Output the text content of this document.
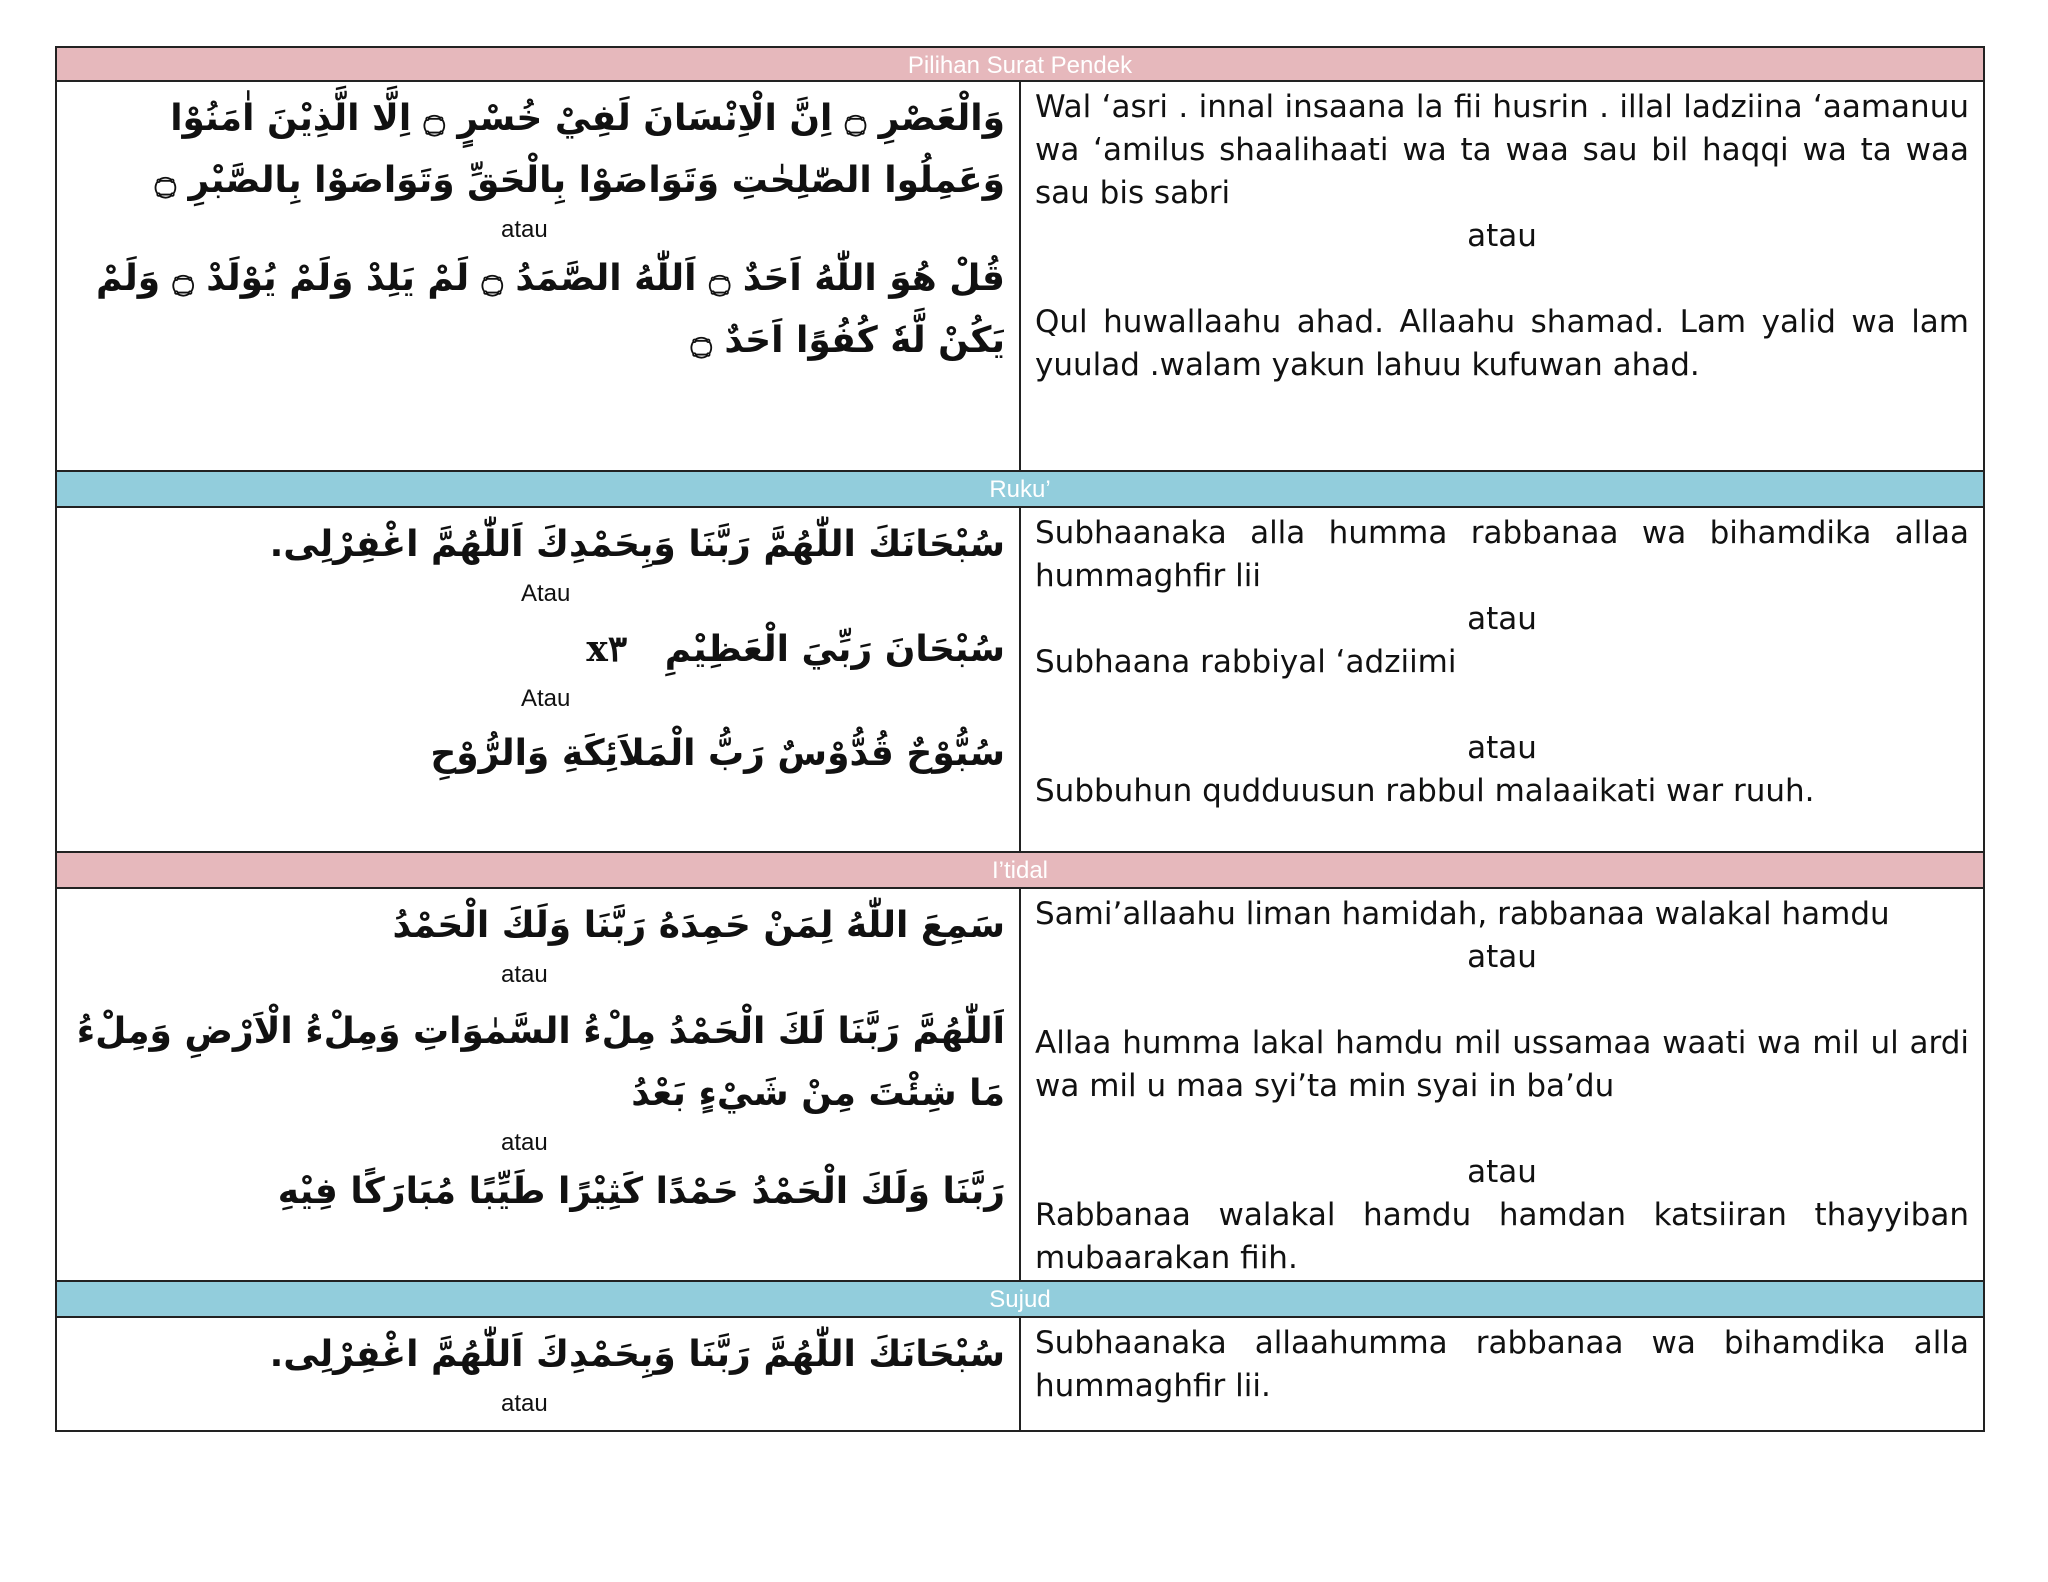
Pilihan Surat Pendek

وَالْعَصْرِ ۝ اِنَّ الْاِنْسَانَ لَفِيْ خُسْرٍ ۝ اِلَّا الَّذِيْنَ اٰمَنُوْا وَعَمِلُوا الصّٰلِحٰتِ وَتَوَاصَوْا بِالْحَقِّ وَتَوَاصَوْا بِالصَّبْرِ ۝

atau

قُلْ هُوَ اللّٰهُ اَحَدٌ ۝ اَللّٰهُ الصَّمَدُ ۝ لَمْ يَلِدْ وَلَمْ يُوْلَدْ ۝ وَلَمْ يَكُنْ لَّهٗ كُفُوًا اَحَدٌ ۝

Wal ‘asri . innal insaana la fii husrin . illal ladziina ‘aamanuu wa ‘amilus shaalihaati wa ta waa sau bil haqqi wa ta waa sau bis sabri

atau

Qul huwallaahu ahad. Allaahu shamad. Lam yalid wa lam yuulad .walam yakun lahuu kufuwan ahad.

Ruku’

سُبْحَانَكَ اللّٰهُمَّ رَبَّنَا وَبِحَمْدِكَ اَللّٰهُمَّ اغْفِرْلِى.

Atau

سُبْحَانَ رَبِّيَ الْعَظِيْمِ   x٣

Atau

سُبُّوْحٌ قُدُّوْسٌ رَبُّ الْمَلاَئِكَةِ وَالرُّوْحِ

Subhaanaka alla humma rabbanaa wa bihamdika allaa hummaghfir lii

atau

Subhaana rabbiyal ‘adziimi

atau

Subbuhun qudduusun rabbul malaaikati war ruuh.

I’tidal

سَمِعَ اللّٰهُ لِمَنْ حَمِدَهُ رَبَّنَا وَلَكَ الْحَمْدُ

atau

اَللّٰهُمَّ رَبَّنَا لَكَ الْحَمْدُ مِلْءُ السَّمٰوَاتِ وَمِلْءُ الْاَرْضِ وَمِلْءُ مَا شِئْتَ مِنْ شَيْءٍ بَعْدُ

atau

رَبَّنَا وَلَكَ الْحَمْدُ حَمْدًا كَثِيْرًا طَيِّبًا مُبَارَكًا فِيْهِ

Sami’allaahu liman hamidah, rabbanaa walakal hamdu

atau

Allaa humma lakal hamdu mil ussamaa waati wa mil ul ardi wa mil u maa syi’ta min syai in ba’du

atau

Rabbanaa walakal hamdu hamdan katsiiran thayyiban mubaarakan fiih.

Sujud

سُبْحَانَكَ اللّٰهُمَّ رَبَّنَا وَبِحَمْدِكَ اَللّٰهُمَّ اغْفِرْلِى.

atau

Subhaanaka allaahumma rabbanaa wa bihamdika alla hummaghfir lii.
